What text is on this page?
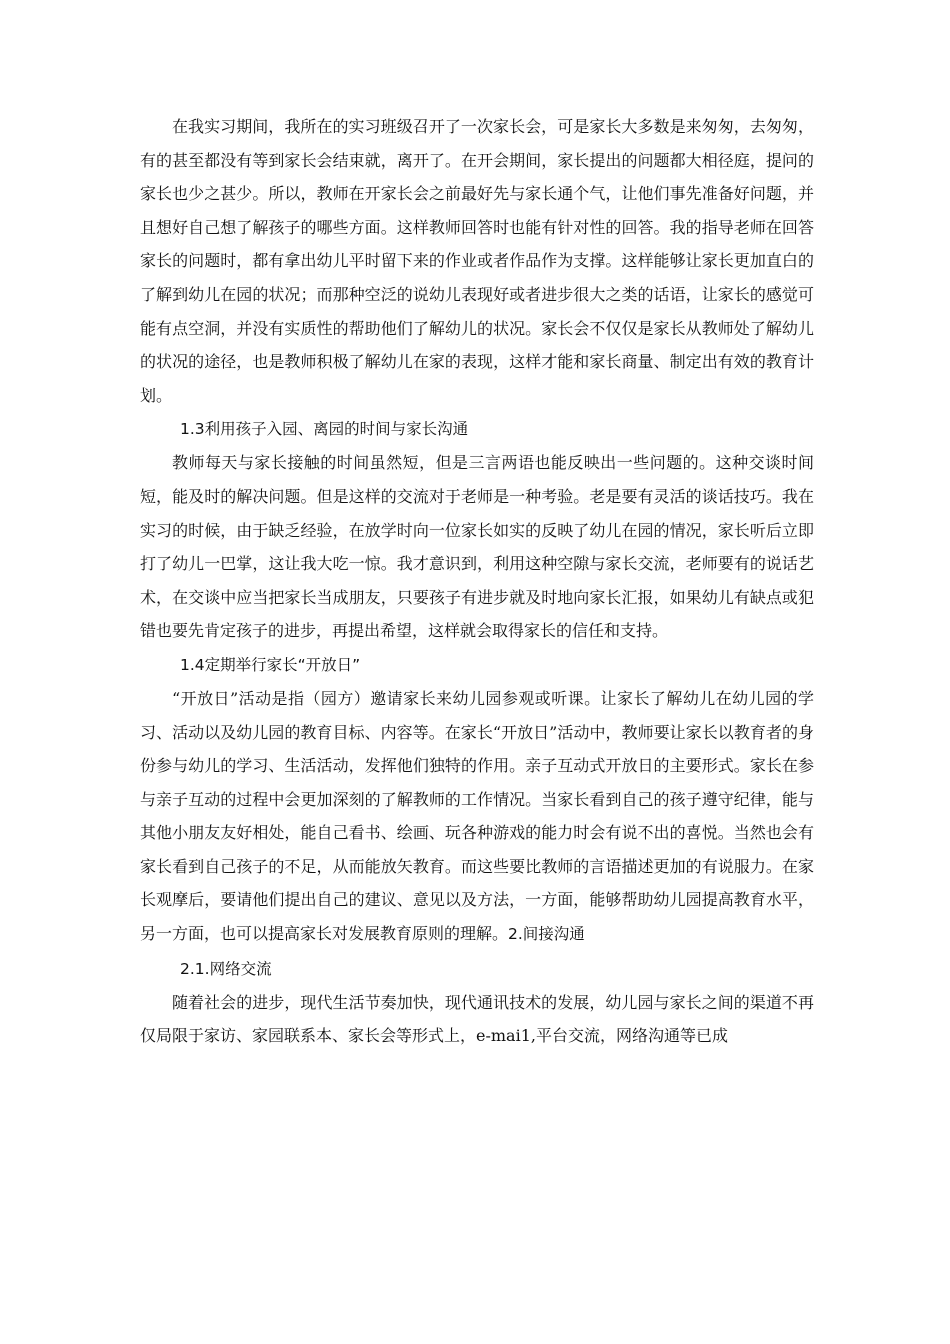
在我实习期间，我所在的实习班级召开了一次家长会，可是家长大多数是来匆匆，去匆匆，有的甚至都没有等到家长会结束就，离开了。在开会期间，家长提出的问题都大相径庭，提问的家长也少之甚少。所以，教师在开家长会之前最好先与家长通个气，让他们事先准备好问题，并且想好自己想了解孩子的哪些方面。这样教师回答时也能有针对性的回答。我的指导老师在回答家长的问题时，都有拿出幼儿平时留下来的作业或者作品作为支撑。这样能够让家长更加直白的了解到幼儿在园的状况；而那种空泛的说幼儿表现好或者进步很大之类的话语，让家长的感觉可能有点空洞，并没有实质性的帮助他们了解幼儿的状况。家长会不仅仅是家长从教师处了解幼儿的状况的途径，也是教师积极了解幼儿在家的表现，这样才能和家长商量、制定出有效的教育计划。

1.3利用孩子入园、离园的时间与家长沟通

教师每天与家长接触的时间虽然短，但是三言两语也能反映出一些问题的。这种交谈时间短，能及时的解决问题。但是这样的交流对于老师是一种考验。老是要有灵活的谈话技巧。我在实习的时候，由于缺乏经验，在放学时向一位家长如实的反映了幼儿在园的情况，家长听后立即打了幼儿一巴掌，这让我大吃一惊。我才意识到，利用这种空隙与家长交流，老师要有的说话艺术，在交谈中应当把家长当成朋友，只要孩子有进步就及时地向家长汇报，如果幼儿有缺点或犯错也要先肯定孩子的进步，再提出希望，这样就会取得家长的信任和支持。

1.4定期举行家长“开放日”

“开放日”活动是指（园方）邀请家长来幼儿园参观或听课。让家长了解幼儿在幼儿园的学习、活动以及幼儿园的教育目标、内容等。在家长“开放日”活动中，教师要让家长以教育者的身份参与幼儿的学习、生活活动，发挥他们独特的作用。亲子互动式开放日的主要形式。家长在参与亲子互动的过程中会更加深刻的了解教师的工作情况。当家长看到自己的孩子遵守纪律，能与其他小朋友友好相处，能自己看书、绘画、玩各种游戏的能力时会有说不出的喜悦。当然也会有家长看到自己孩子的不足，从而能放矢教育。而这些要比教师的言语描述更加的有说服力。在家长观摩后，要请他们提出自己的建议、意见以及方法，一方面，能够帮助幼儿园提高教育水平，另一方面，也可以提高家长对发展教育原则的理解。2.间接沟通

2.1.网络交流

随着社会的进步，现代生活节奏加快，现代通讯技术的发展，幼儿园与家长之间的渠道不再仅局限于家访、家园联系本、家长会等形式上，e-mai1,平台交流，网络沟通等已成
